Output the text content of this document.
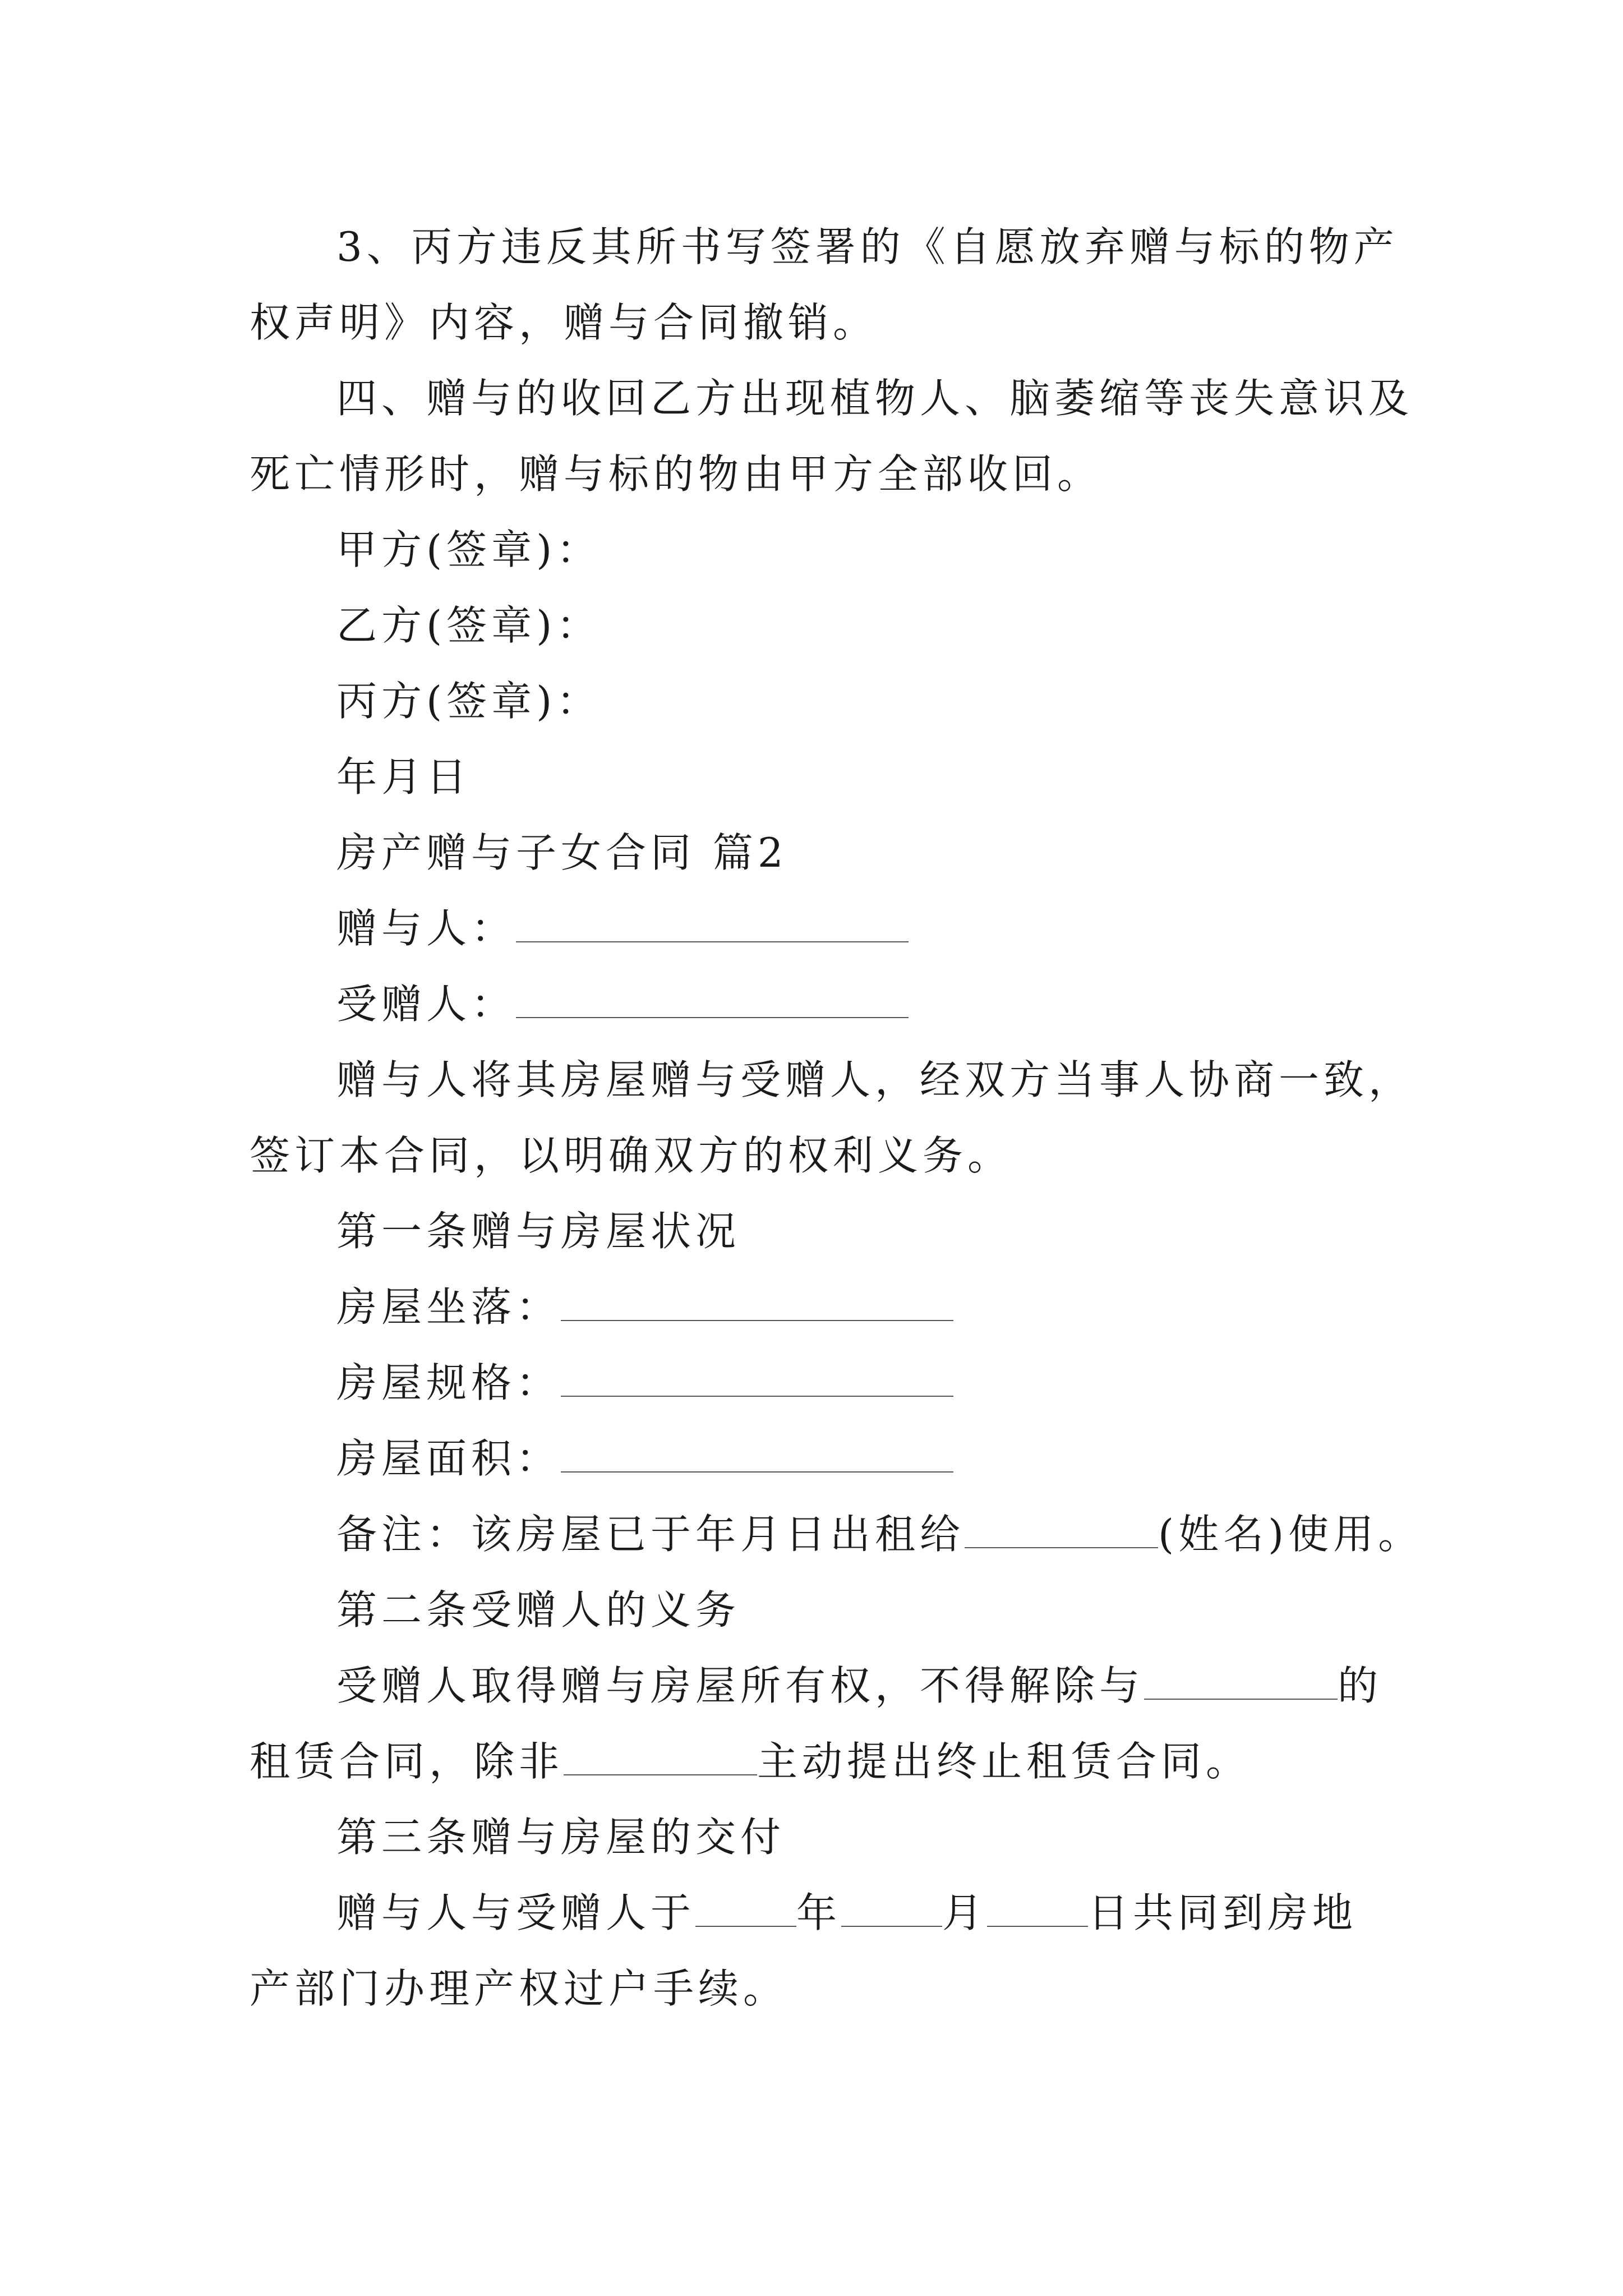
3、丙方违反其所书写签署的《自愿放弃赠与标的物产
权声明》内容，赠与合同撤销。
四、赠与的收回乙方出现植物人、脑萎缩等丧失意识及
死亡情形时，赠与标的物由甲方全部收回。
甲方(签章)：
乙方(签章)：
丙方(签章)：
年月日
房产赠与子女合同 篇2
赠与人：
受赠人：
赠与人将其房屋赠与受赠人，经双方当事人协商一致，
签订本合同，以明确双方的权利义务。
第一条赠与房屋状况
房屋坐落：
房屋规格：
房屋面积：
备注：该房屋已于年月日出租给	(姓名)使用。
第二条受赠人的义务
受赠人取得赠与房屋所有权，不得解除与	的
租赁合同，除非	主动提出终止租赁合同。
第三条赠与房屋的交付
赠与人与受赠人于	年	月	日共同到房地
产部门办理产权过户手续。
